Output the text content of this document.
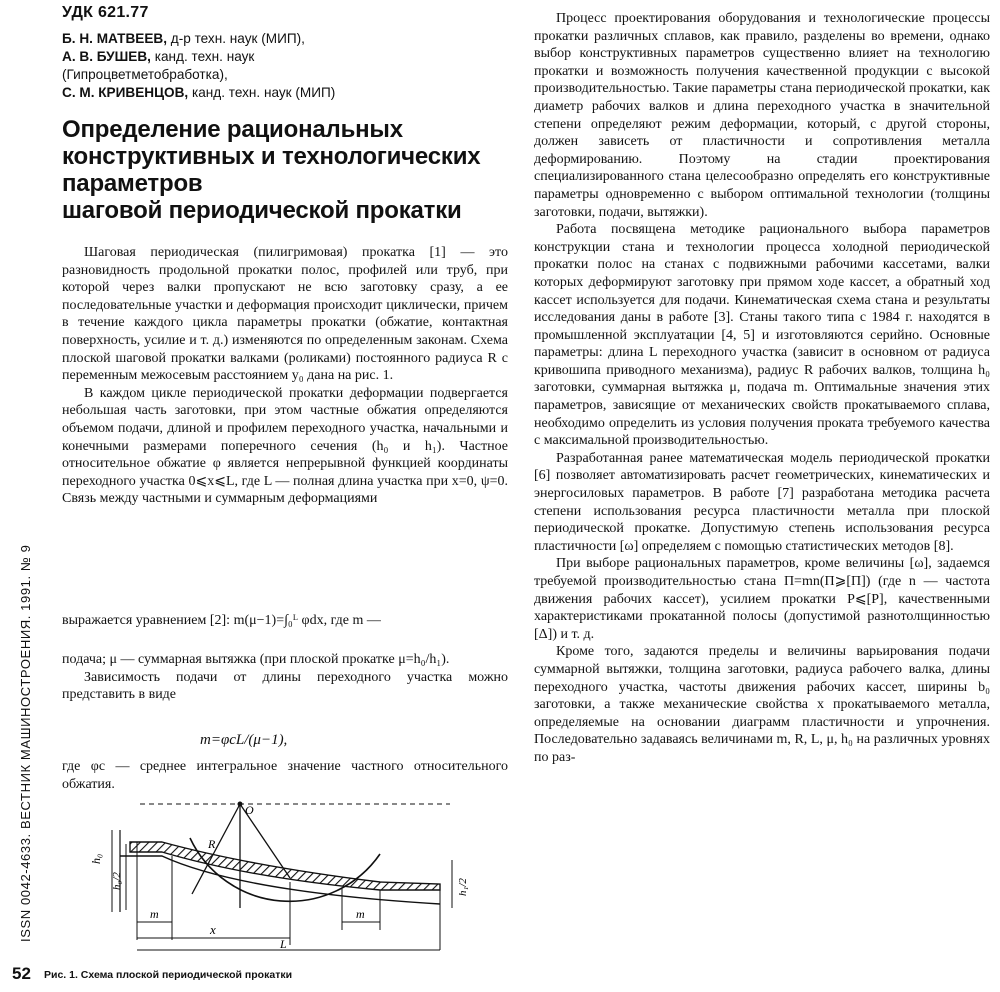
УДК 621.77
Б. Н. МАТВЕЕВ, д-р техн. наук (МИП),
А. В. БУШЕВ, канд. техн. наук
(Гипроцветметобработка),
С. М. КРИВЕНЦОВ, канд. техн. наук (МИП)
Определение рациональных
конструктивных и технологических
параметров
шаговой периодической прокатки

Шаговая периодическая (пилигримовая) прокатка [1] — это разновидность продольной прокатки полос, профилей или труб, при которой через валки пропускают не всю заготовку сразу, а ее последовательные участки и деформация происходит циклически, причем в течение каждого цикла параметры прокатки (обжатие, контактная поверхность, усилие и т. д.) изменяются по определенным законам. Схема плоской шаговой прокатки валками (роликами) постоянного радиуса R с переменным межосевым расстоянием y₀ дана на рис. 1.

В каждом цикле периодической прокатки деформации подвергается небольшая часть заготовки, при этом частные обжатия определяются объемом подачи, длиной и профилем переходного участка, начальными и конечными размерами поперечного сечения (h₀ и h₁). Частное относительное обжатие φ является непрерывной функцией координаты переходного участка 0⩽x⩽L, где L — полная длина участка при x=0, ψ=0. Связь между частными и суммарным деформациями

выражается уравнением [2]: m(μ−1)=∫₀ᴸ φdx, где m —

подача; μ — суммарная вытяжка (при плоской прокатке μ=h₀/h₁).

Зависимость подачи от длины переходного участка можно представить в виде

m=φcL/(μ−1),

где φc — среднее интегральное значение частного относительного обжатия.

O
R
h₀
h₀/2	h₁/2
m	m
x
L
52 Рис. 1. Схема плоской периодической прокатки
ISSN 0042-4633. ВЕСТНИК МАШИНОСТРОЕНИЯ. 1991. № 9

Процесс проектирования оборудования и технологические процессы прокатки различных сплавов, как правило, разделены во времени, однако выбор конструктивных параметров существенно влияет на технологию прокатки и возможность получения качественной продукции с высокой производительностью. Такие параметры стана периодической прокатки, как диаметр рабочих валков и длина переходного участка в значительной степени определяют режим деформации, который, с другой стороны, должен зависеть от пластичности и сопротивления металла деформированию. Поэтому на стадии проектирования специализированного стана целесообразно определять его конструктивные параметры одновременно с выбором оптимальной технологии (толщины заготовки, подачи, вытяжки).

Работа посвящена методике рационального выбора параметров конструкции стана и технологии процесса холодной периодической прокатки полос на станах с подвижными рабочими кассетами, валки которых деформируют заготовку при прямом ходе кассет, а обратный ход кассет используется для подачи. Кинематическая схема стана и результаты исследования даны в работе [3]. Станы такого типа с 1984 г. находятся в промышленной эксплуатации [4, 5] и изготовляются серийно. Основные параметры: длина L переходного участка (зависит в основном от радиуса кривошипа приводного механизма), радиус R рабочих валков, толщина h₀ заготовки, суммарная вытяжка μ, подача m. Оптимальные значения этих параметров, зависящие от механических свойств прокатываемого сплава, необходимо определить из условия получения проката требуемого качества с максимальной производительностью.

Разработанная ранее математическая модель периодической прокатки [6] позволяет автоматизировать расчет геометрических, кинематических и энергосиловых параметров. В работе [7] разработана методика расчета степени использования ресурса пластичности металла при плоской периодической прокатке. Допустимую степень использования ресурса пластичности [ω] определяем с помощью статистических методов [8].

При выборе рациональных параметров, кроме величины [ω], задаемся требуемой производительностью стана П=mn(П⩾[П]) (где n — частота движения рабочих кассет), усилием прокатки P⩽[P], качественными характеристиками прокатанной полосы (допустимой разнотолщинностью [Δ]) и т. д.

Кроме того, задаются пределы и величины варьирования подачи суммарной вытяжки, толщина заготовки, радиуса рабочего валка, длины переходного участка, частоты движения рабочих кассет, ширины b₀ заготовки, а также механические свойства x прокатываемого металла, определяемые на основании диаграмм пластичности и упрочнения. Последовательно задаваясь величинами m, R, L, μ, h₀ на различных уровнях по раз-
